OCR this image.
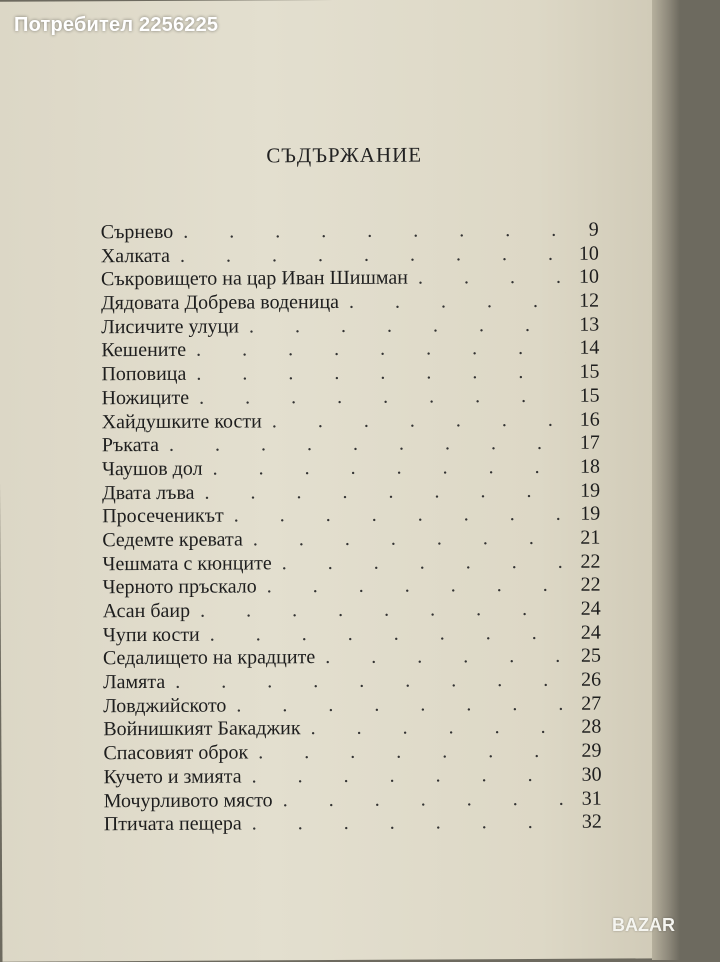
СЪДЪРЖАНИЕ
Сърнево . . .	9
Халката . . .	10
Съкровището на цар Иван Шишман . . .	10
Дядовата Добрева воденица . . .	12
Лисичите улуци . . .	13
Кешените . . .	14
Поповица . . .	15
Ножиците . . .	15
Хайдушките кости . . .	16
Ръката . . .	17
Чаушов дол . . .	18
Двата лъва . . .	19
Просеченикът . . .	19
Седемте кревата . . .	21
Чешмата с кюнците . . .	22
Черното пръскало . . .	22
Асан баир . . .	24
Чупи кости . . .	24
Седалището на крадците . . .	25
Ламята . . .	26
Ловджийското . . .	27
Войнишкият Бакаджик . . .	28
Спасовият оброк . . .	29
Кучето и змията . . .	30
Мочурливото място . . .	31
Птичата пещера . . .	32
Потребител 2256225
BAZAR
